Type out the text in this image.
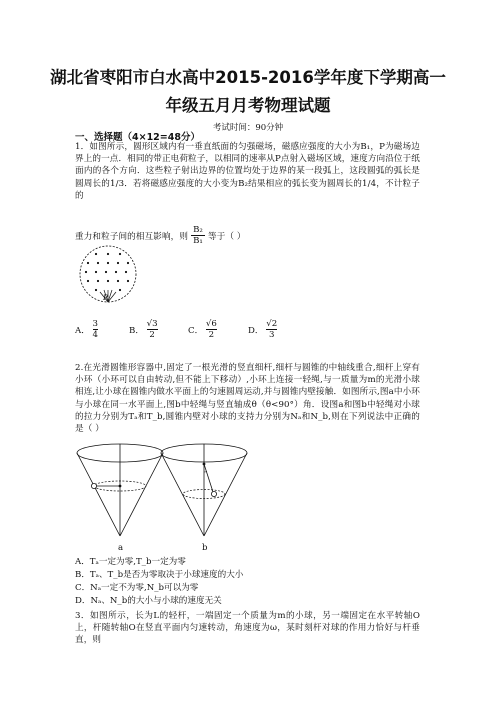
湖北省枣阳市白水高中2015-2016学年度下学期高一
年级五月月考物理试题
考试时间：90分钟
一、选择题（4×12=48分）
1．如图所示，圆形区域内有一垂直纸面的匀强磁场，磁感应强度的大小为B₁，P为磁场边界上的一点．相同的带正电荷粒子，以相同的速率从P点射入磁场区域，速度方向沿位于纸面内的各个方向．这些粒子射出边界的位置均处于边界的某一段弧上，这段圆弧的弧长是圆周长的1/3．若将磁感应强度的大小变为B₂结果相应的弧长变为圆周长的1/4，不计粒子的
重力和粒子间的相互影响，则 $\frac{\text{B₂}}{\text{B₁}}$ 等于（ ）
P
A． $\frac{3}{4}$	B． $\frac{√3}{2}$	C． $\frac{√6}{2}$	D． $\frac{√2}{3}$
2.在光滑圆锥形容器中,固定了一根光滑的竖直细杆,细杆与圆锥的中轴线重合,细杆上穿有小环（小环可以自由转动,但不能上下移动）,小环上连接一轻绳,与一质量为m的光滑小球相连,让小球在圆锥内做水平面上的匀速圆周运动,并与圆锥内壁接触．如图所示,图a中小环与小球在同一水平面上,图b中轻绳与竖直轴成θ（θ<90°）角．设图a和图b中轻绳对小球的拉力分别为Tₐ和T_b,圆锥内壁对小球的支持力分别为Nₐ和N_b,则在下列说法中正确的是（ ）
a	b
A．Tₐ一定为零,T_b一定为零
B．Tₐ、T_b是否为零取决于小球速度的大小
C．Nₐ一定不为零,N_b可以为零
D．Nₐ、N_b的大小与小球的速度无关
3．如图所示，长为L的轻杆，一端固定一个质量为m的小球，另一端固定在水平转轴O上，杆随转轴O在竖直平面内匀速转动，角速度为ω，某时刻杆对球的作用力恰好与杆垂直，则
